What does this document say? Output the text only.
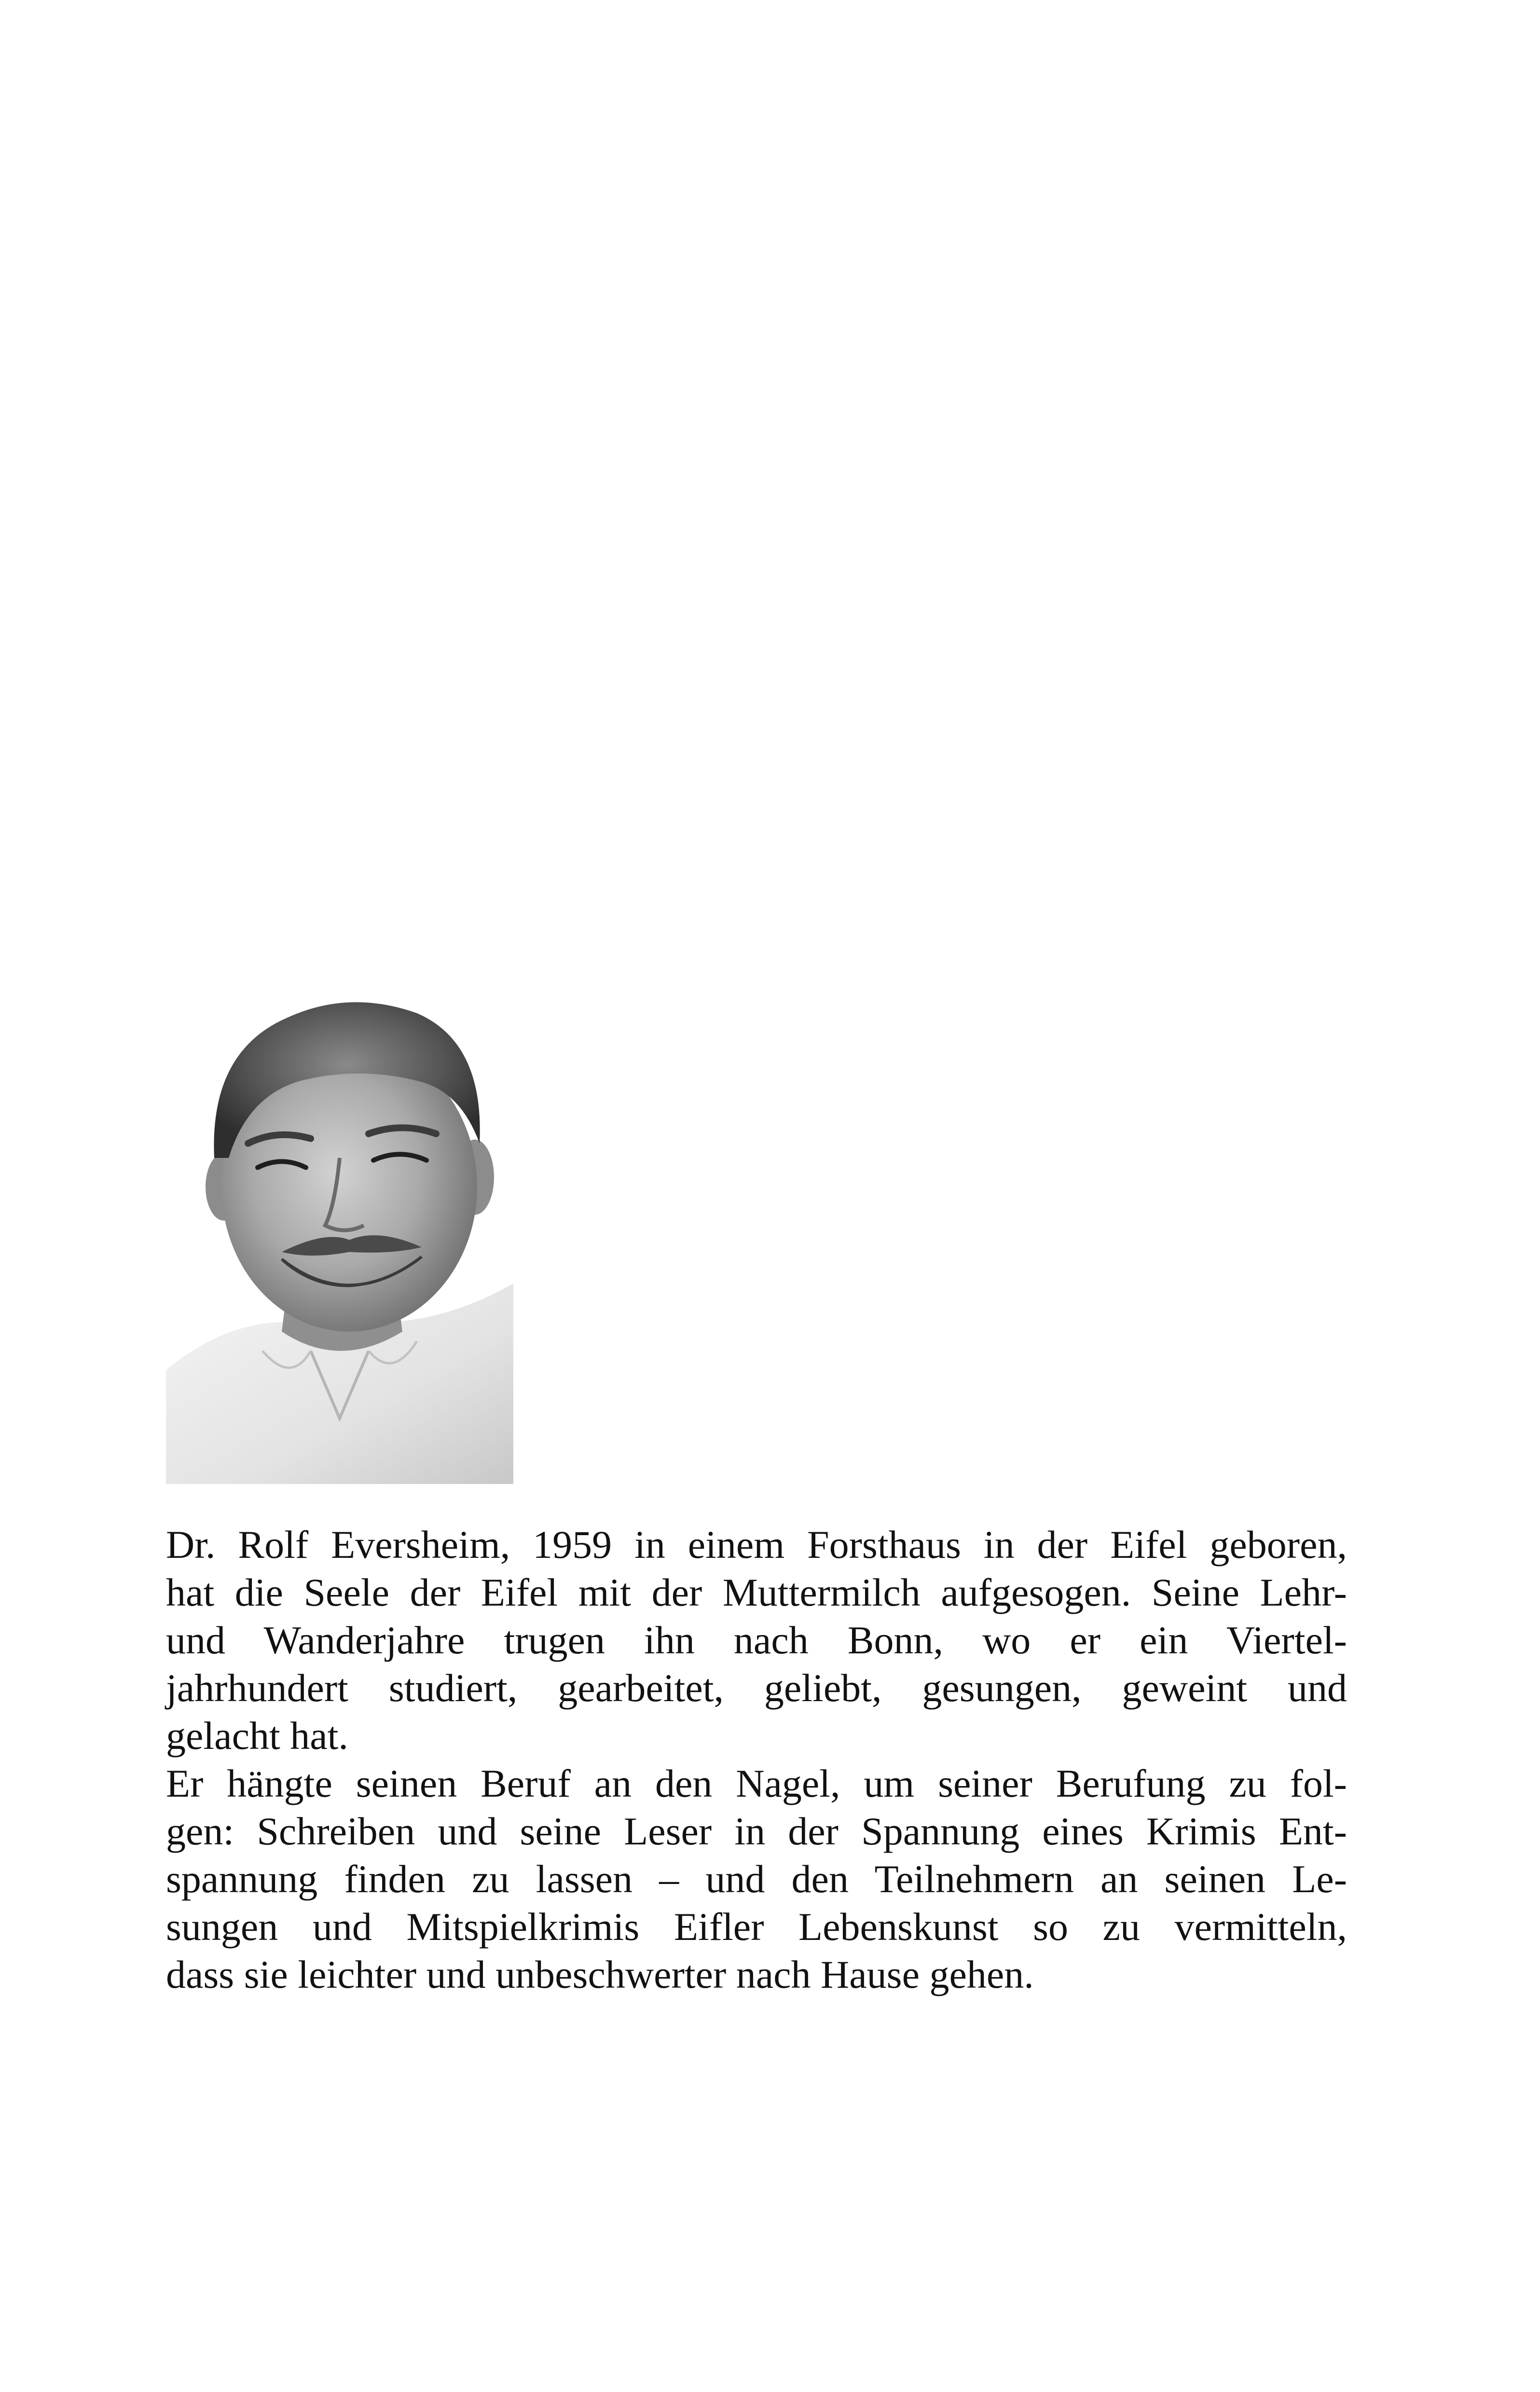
Dr. Rolf Eversheim, 1959 in einem Forsthaus in der Eifel geboren,
hat die Seele der Eifel mit der Muttermilch aufgesogen. Seine Lehr-
und Wanderjahre trugen ihn nach Bonn, wo er ein Viertel-
jahrhundert studiert, gearbeitet, geliebt, gesungen, geweint und
gelacht hat.
Er hängte seinen Beruf an den Nagel, um seiner Berufung zu fol-
gen: Schreiben und seine Leser in der Spannung eines Krimis Ent-
spannung finden zu lassen – und den Teilnehmern an seinen Le-
sungen und Mitspielkrimis Eifler Lebenskunst so zu vermitteln,
dass sie leichter und unbeschwerter nach Hause gehen.
